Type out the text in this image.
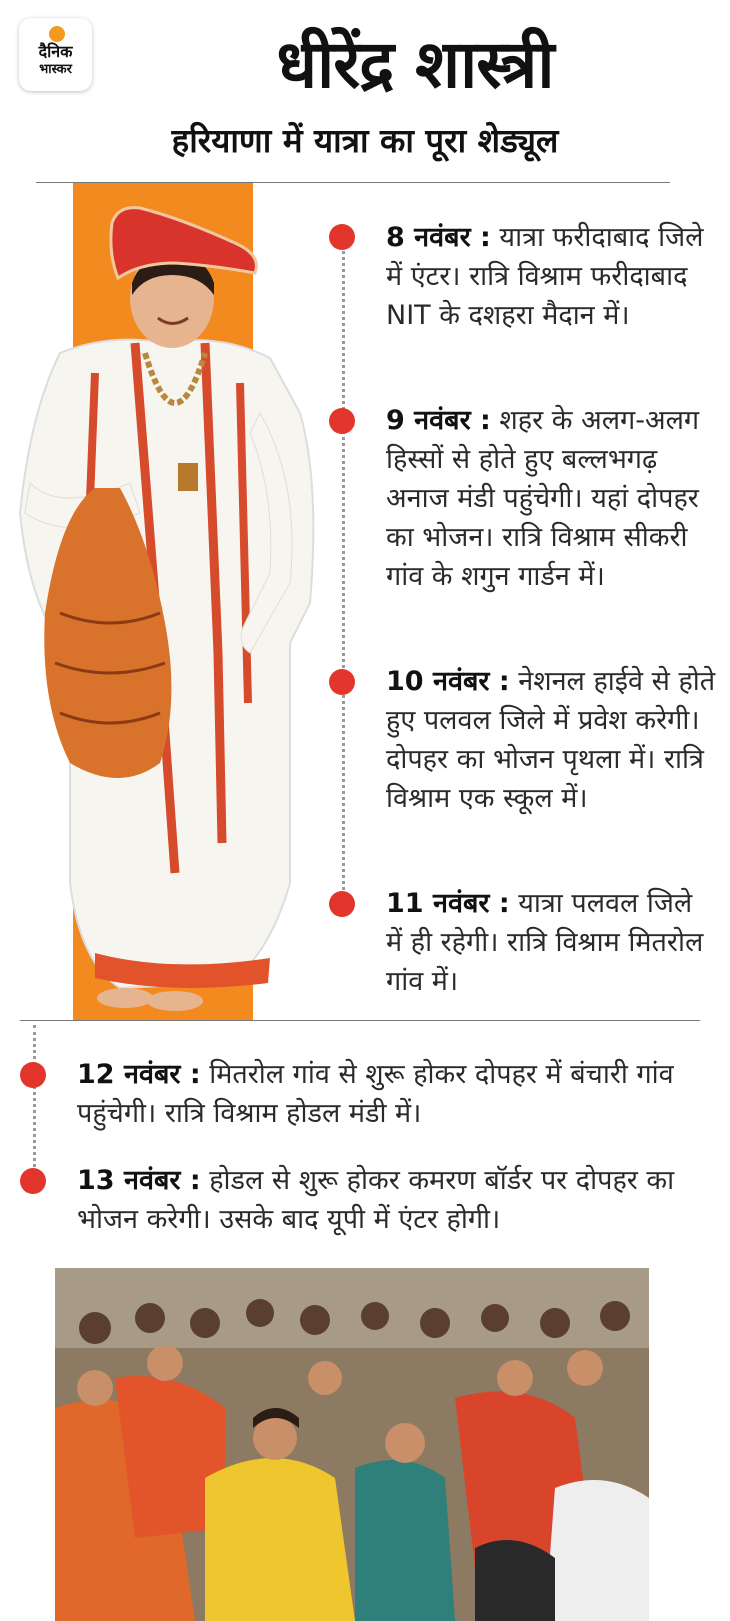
दैनिक
भास्कर	धीरेंद्र शास्त्री
हरियाणा में यात्रा का पूरा शेड्यूल
8 नवंबर : यात्रा फरीदाबाद जिले में एंटर। रात्रि विश्राम फरीदाबाद NIT के दशहरा मैदान में।
9 नवंबर : शहर के अलग-अलग हिस्सों से होते हुए बल्लभगढ़ अनाज मंडी पहुंचेगी। यहां दोपहर का भोजन। रात्रि विश्राम सीकरी गांव के शगुन गार्डन में।
10 नवंबर : नेशनल हाईवे से होते हुए पलवल जिले में प्रवेश करेगी। दोपहर का भोजन पृथला में। रात्रि विश्राम एक स्कूल में।
11 नवंबर : यात्रा पलवल जिले में ही रहेगी। रात्रि विश्राम मितरोल गांव में।
12 नवंबर : मितरोल गांव से शुरू होकर दोपहर में बंचारी गांव पहुंचेगी। रात्रि विश्राम होडल मंडी में।
13 नवंबर : होडल से शुरू होकर कमरण बॉर्डर पर दोपहर का भोजन करेगी। उसके बाद यूपी में एंटर होगी।
